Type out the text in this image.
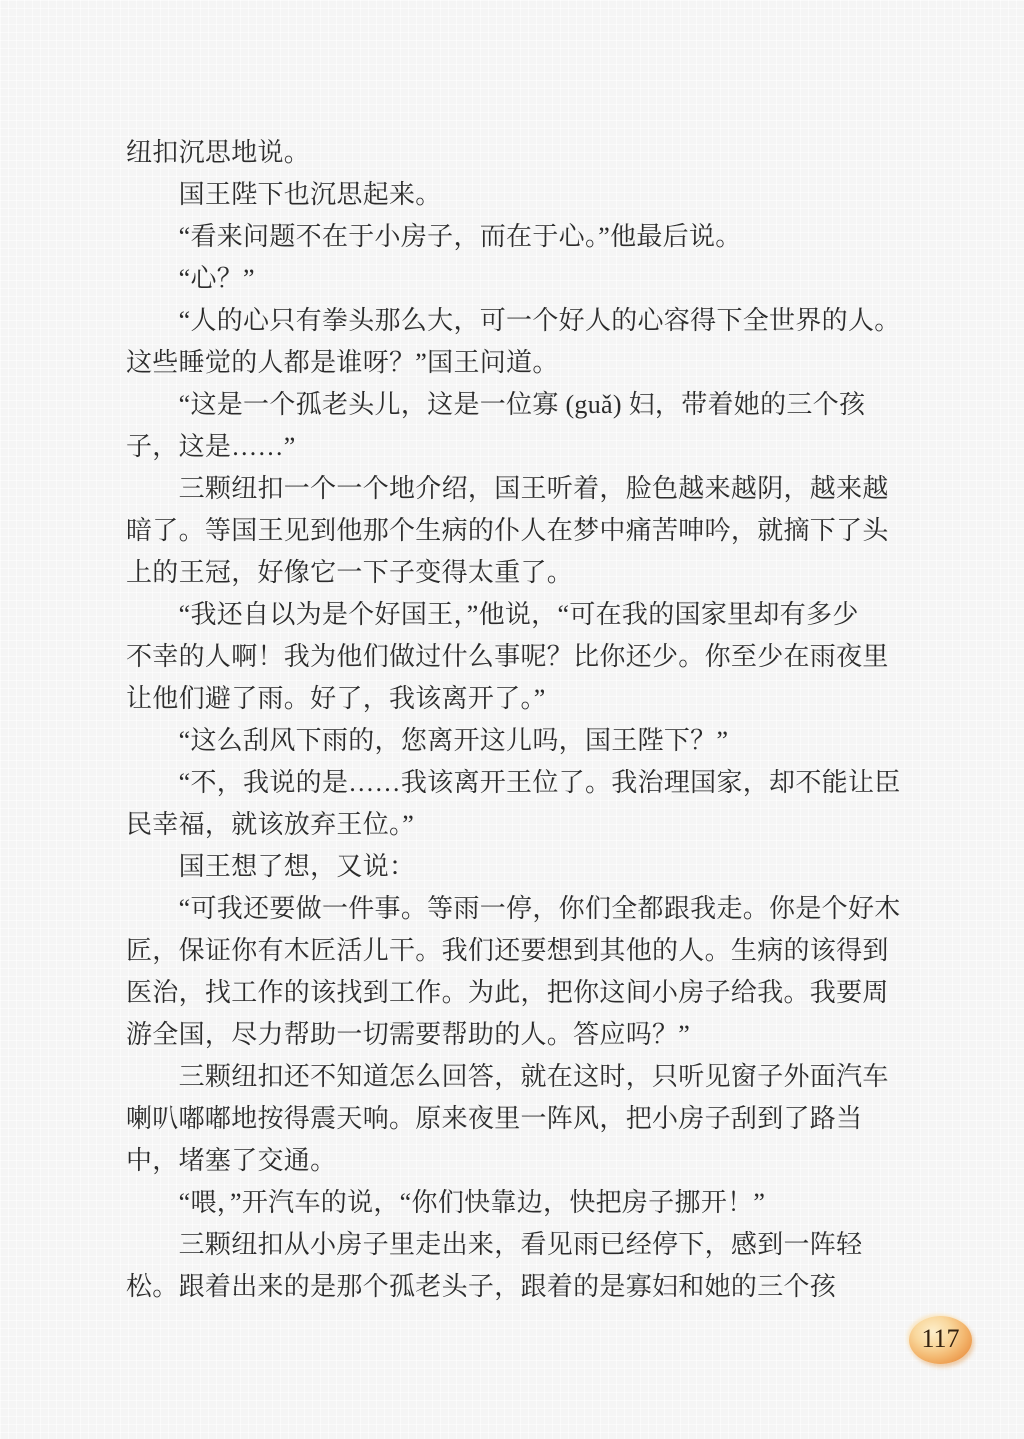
纽扣沉思地说。
　　国王陛下也沉思起来。
　　“看来问题不在于小房子，而在于心。”他最后说。
　　“心？”
　　“人的心只有拳头那么大，可一个好人的心容得下全世界的人。
这些睡觉的人都是谁呀？”国王问道。
　　“这是一个孤老头儿，这是一位寡 (guǎ) 妇，带着她的三个孩
子，这是……”
　　三颗纽扣一个一个地介绍，国王听着，脸色越来越阴，越来越
暗了。等国王见到他那个生病的仆人在梦中痛苦呻吟，就摘下了头
上的王冠，好像它一下子变得太重了。
　　“我还自以为是个好国王，”他说，“可在我的国家里却有多少
不幸的人啊！我为他们做过什么事呢？比你还少。你至少在雨夜里
让他们避了雨。好了，我该离开了。”
　　“这么刮风下雨的，您离开这儿吗，国王陛下？”
　　“不，我说的是……我该离开王位了。我治理国家，却不能让臣
民幸福，就该放弃王位。”
　　国王想了想，又说：
　　“可我还要做一件事。等雨一停，你们全都跟我走。你是个好木
匠，保证你有木匠活儿干。我们还要想到其他的人。生病的该得到
医治，找工作的该找到工作。为此，把你这间小房子给我。我要周
游全国，尽力帮助一切需要帮助的人。答应吗？”
　　三颗纽扣还不知道怎么回答，就在这时，只听见窗子外面汽车
喇叭嘟嘟地按得震天响。原来夜里一阵风，把小房子刮到了路当
中，堵塞了交通。
　　“喂，”开汽车的说，“你们快靠边，快把房子挪开！”
　　三颗纽扣从小房子里走出来，看见雨已经停下，感到一阵轻
松。跟着出来的是那个孤老头子，跟着的是寡妇和她的三个孩
117
